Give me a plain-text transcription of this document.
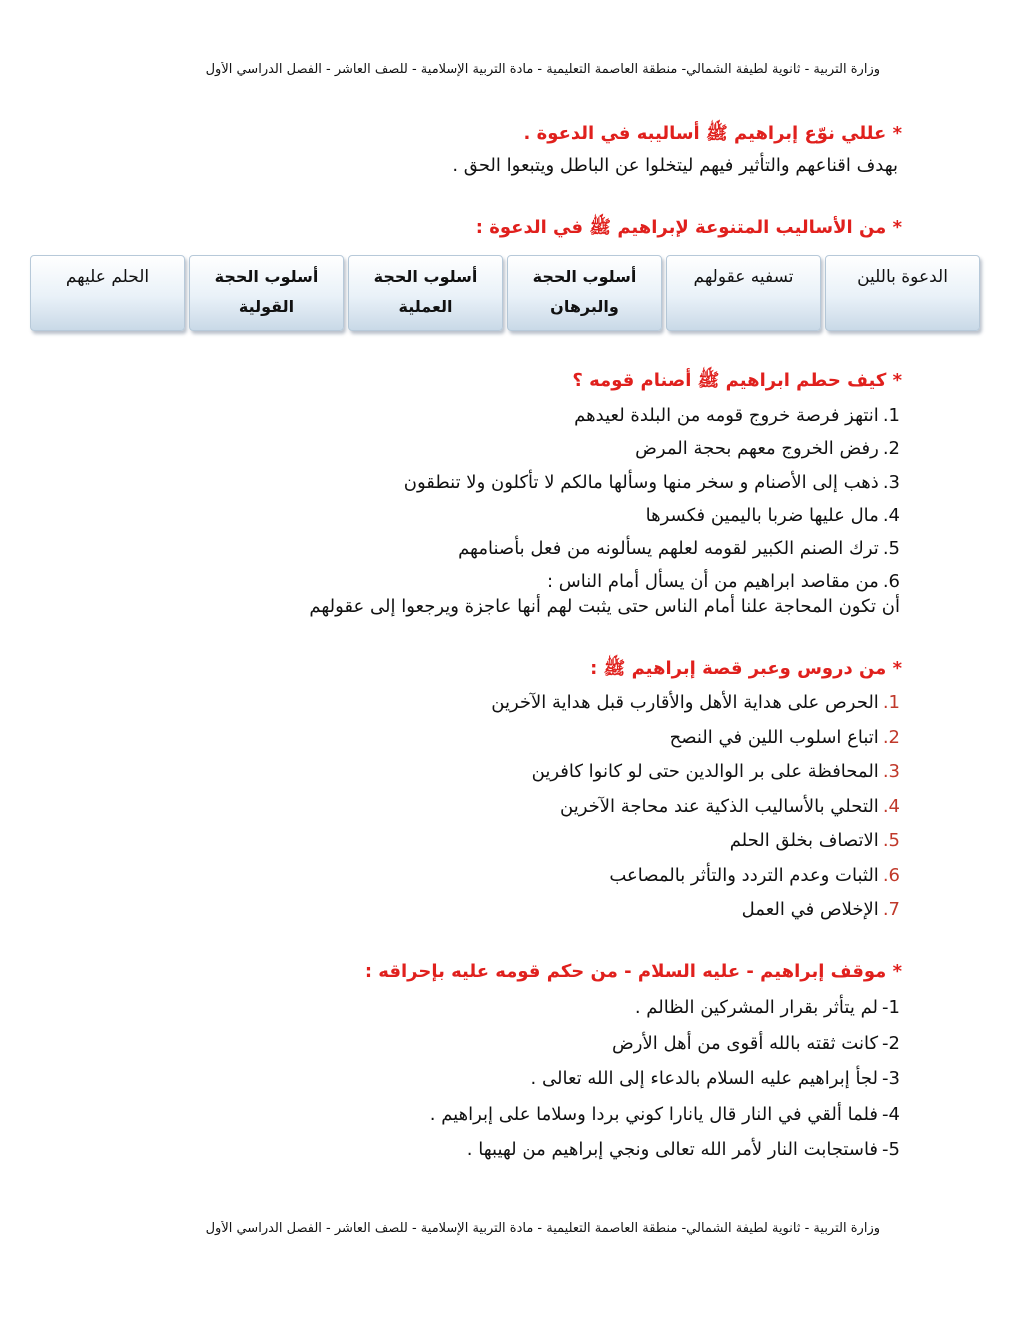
وزارة التربية - ثانوية لطيفة الشمالي- منطقة العاصمة التعليمية - مادة التربية الإسلامية - للصف العاشر - الفصل الدراسي الأول
* عللي نوّع إبراهيم ﷺ أساليبه في الدعوة .
بهدف اقناعهم والتأثير فيهم ليتخلوا عن الباطل ويتبعوا الحق .
* من الأساليب المتنوعة لإبراهيم ﷺ في الدعوة :
الدعوة باللين
تسفيه عقولهم
أسلوب الحجة والبرهان
أسلوب الحجة العملية
أسلوب الحجة القولية
الحلم عليهم
* كيف حطم ابراهيم ﷺ أصنام قومه ؟
1.انتهز فرصة خروج قومه من البلدة لعيدهم
2.رفض الخروج معهم بحجة المرض
3.ذهب إلى الأصنام و سخر منها وسألها مالكم لا تأكلون ولا تنطقون
4.مال عليها ضربا باليمين فكسرها
5.ترك الصنم الكبير لقومه لعلهم يسألونه من فعل بأصنامهم
6.من مقاصد ابراهيم من أن يسأل أمام الناس :
أن تكون المحاجة علنا أمام الناس حتى يثبت لهم أنها عاجزة ويرجعوا إلى عقولهم
* من دروس وعبر قصة إبراهيم ﷺ :
1.الحرص على هداية الأهل والأقارب قبل هداية الآخرين
2.اتباع اسلوب اللين في النصح
3.المحافظة على بر الوالدين حتى لو كانوا كافرين
4.التحلي بالأساليب الذكية عند محاجة الآخرين
5.الاتصاف بخلق الحلم
6.الثبات وعدم التردد والتأثر بالمصاعب
7.الإخلاص في العمل
* موقف إبراهيم - عليه السلام - من حكم قومه عليه بإحراقه :
1-لم يتأثر بقرار المشركين الظالم .
2-كانت ثقته بالله أقوى من أهل الأرض
3-لجأ إبراهيم عليه السلام بالدعاء إلى الله تعالى .
4-فلما ألقي في النار قال يانارا كوني بردا وسلاما على إبراهيم .
5-فاستجابت النار لأمر الله تعالى ونجي إبراهيم من لهيبها .
وزارة التربية - ثانوية لطيفة الشمالي- منطقة العاصمة التعليمية - مادة التربية الإسلامية - للصف العاشر - الفصل الدراسي الأول
